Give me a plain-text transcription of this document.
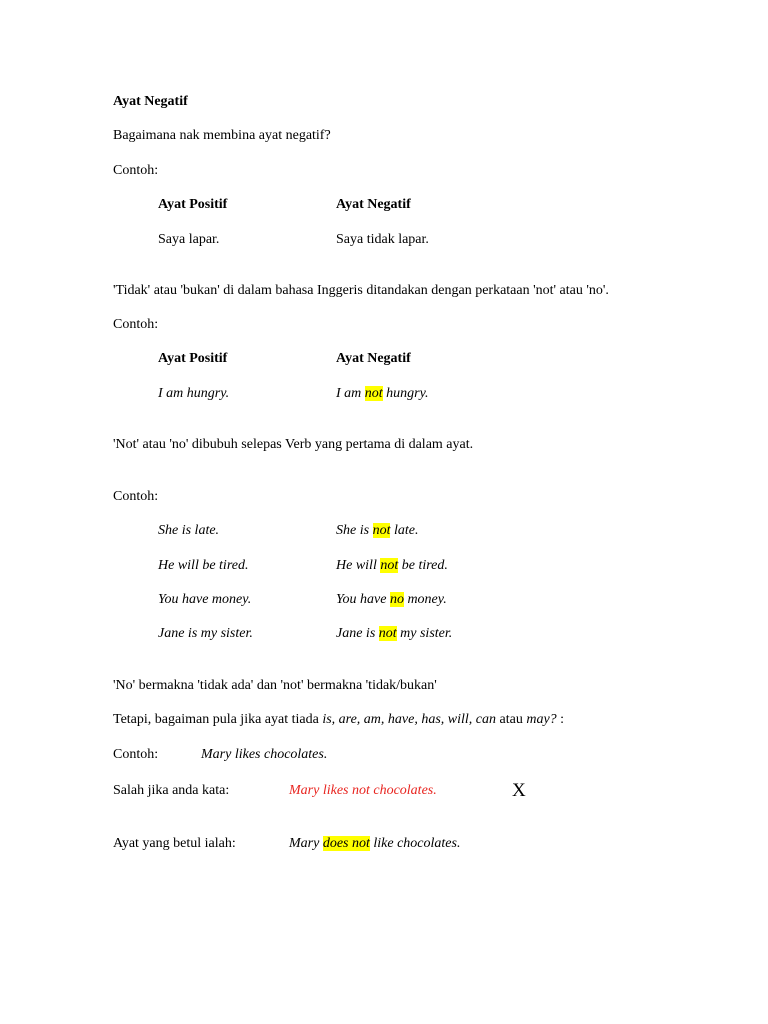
Ayat Negatif
Bagaimana nak membina ayat negatif?
Contoh:
Ayat Positif	Ayat Negatif
Saya lapar.	Saya tidak lapar.
'Tidak' atau 'bukan' di dalam bahasa Inggeris ditandakan dengan perkataan 'not' atau 'no'.
Contoh:
Ayat Positif	Ayat Negatif
I am hungry.	I am not hungry.
'Not' atau 'no' dibubuh selepas Verb yang pertama di dalam ayat.
Contoh:
She is late.	She is not late.
He will be tired.	He will not be tired.
You have money.	You have no money.
Jane is my sister.	Jane is not my sister.
'No' bermakna 'tidak ada' dan 'not' bermakna 'tidak/bukan'
Tetapi, bagaiman pula jika ayat tiada is, are, am, have, has, will, can atau may? :
Contoh:	Mary likes chocolates.
Salah jika anda kata:	Mary likes not chocolates.	X
Ayat yang betul ialah:	Mary does not like chocolates.
